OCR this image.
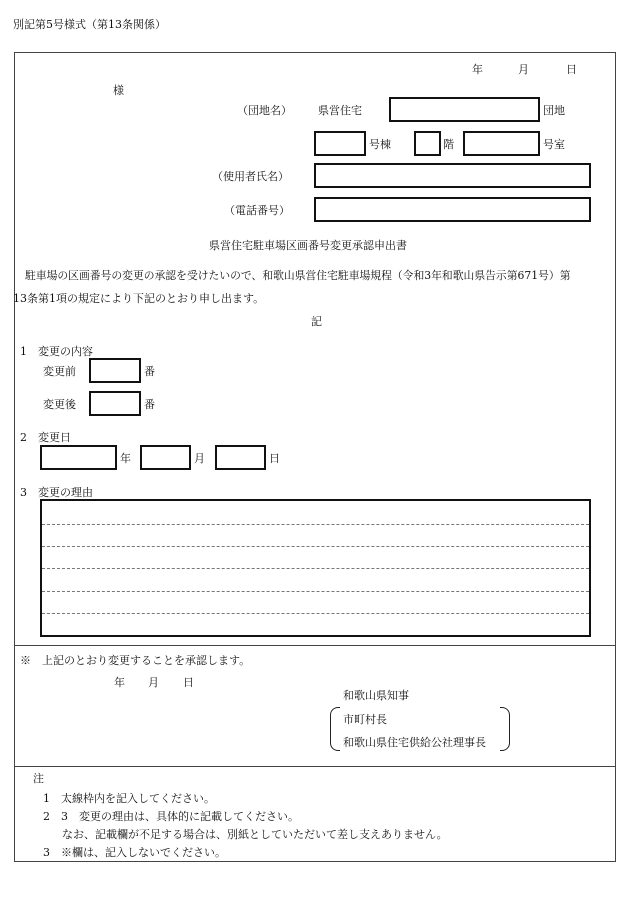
別記第5号様式（第13条関係）
年	月	日
様
（団地名） 県営住宅	団地
号棟	階	号室
（使用者氏名）
（電話番号）
県営住宅駐車場区画番号変更承認申出書
駐車場の区画番号の変更の承認を受けたいので、和歌山県営住宅駐車場規程（令和3年和歌山県告示第671号）第
13条第1項の規定により下記のとおり申し出ます。
記
1　変更の内容
変更前	番
変更後	番
2　変更日
年	月	日
3　変更の理由
※　上記のとおり変更することを承認します。
年 月 日
和歌山県知事
市町村長
和歌山県住宅供給公社理事長
注
1　太線枠内を記入してください。
2　3　変更の理由は、具体的に記載してください。
なお、記載欄が不足する場合は、別紙としていただいて差し支えありません。
3　※欄は、記入しないでください。
